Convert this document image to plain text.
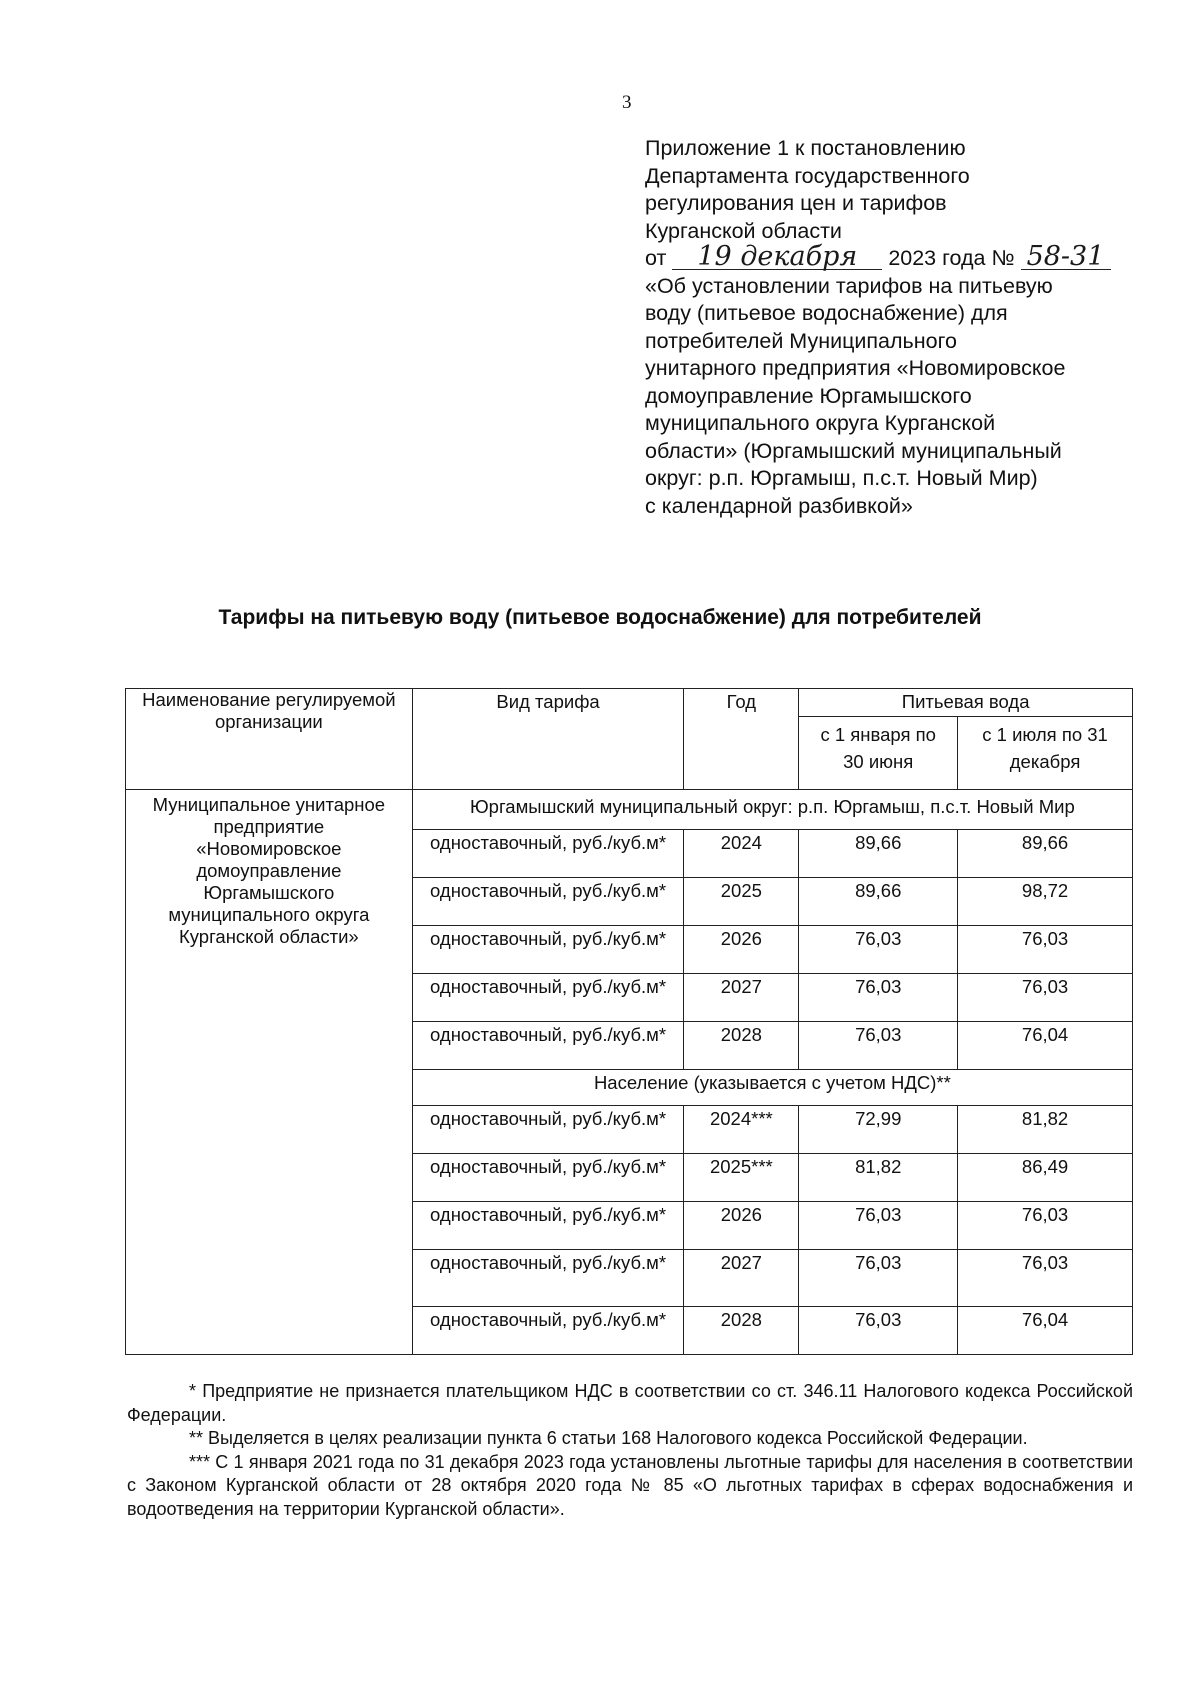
3
Приложение 1 к постановлению
Департамента государственного
регулирования цен и тарифов
Курганской области
от 19 декабря 2023 года № 58-31
«Об установлении тарифов на питьевую
воду (питьевое водоснабжение) для
потребителей Муниципального
унитарного предприятия «Новомировское
домоуправление Юргамышского
муниципального округа Курганской
области» (Юргамышский муниципальный
округ: р.п. Юргамыш, п.с.т. Новый Мир)
с календарной разбивкой»
Тарифы на питьевую воду (питьевое водоснабжение) для потребителей
Наименование регулируемой организации	Вид тарифа	Год	Питьевая вода	
			с 1 января по 30 июня	с 1 июля по 31 декабря
Муниципальное унитарное предприятие «Новомировское домоуправление Юргамышского муниципального округа Курганской области»	Юргамышский муниципальный округ: р.п. Юргамыш, п.с.т. Новый Мир			
	одноставочный, руб./куб.м*	2024	89,66	89,66
	одноставочный, руб./куб.м*	2025	89,66	98,72
	одноставочный, руб./куб.м*	2026	76,03	76,03
	одноставочный, руб./куб.м*	2027	76,03	76,03
	одноставочный, руб./куб.м*	2028	76,03	76,04
	Население (указывается с учетом НДС)**			
	одноставочный, руб./куб.м*	2024***	72,99	81,82
	одноставочный, руб./куб.м*	2025***	81,82	86,49
	одноставочный, руб./куб.м*	2026	76,03	76,03
	одноставочный, руб./куб.м*	2027	76,03	76,03
	одноставочный, руб./куб.м*	2028	76,03	76,04

* Предприятие не признается плательщиком НДС в соответствии со ст. 346.11 Налогового кодекса Российской Федерации.

** Выделяется в целях реализации пункта 6 статьи 168 Налогового кодекса Российской Федерации.

*** С 1 января 2021 года по 31 декабря 2023 года установлены льготные тарифы для населения в соответствии с Законом Курганской области от 28 октября 2020 года № 85 «О льготных тарифах в сферах водоснабжения и водоотведения на территории Курганской области».
